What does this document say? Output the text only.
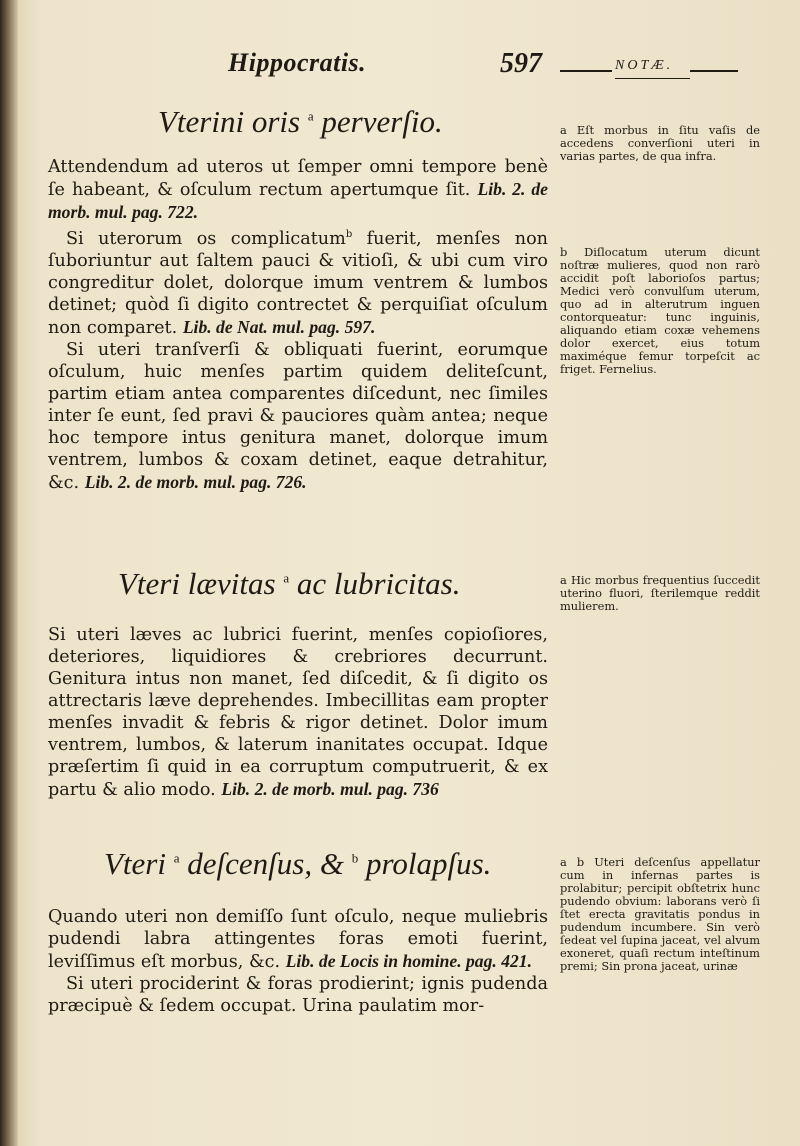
Hippocratis.	597	NOTÆ.
Vterini oris $^a$ perverſio.	a Eſt morbus in ſitu vaſis de accedens converſioni uteri in varias partes, de qua infra.

Attendendum ad uteros ut ſemper omni tempore benè ſe habeant, & oſculum rectum apertumque ſit. Lib. 2. de morb. mul. pag. 722.

Si uterorum os complicatum$^b$ fuerit, menſes non ſuboriuntur aut ſaltem pauci & vitioſi, & ubi cum viro congreditur dolet, dolorque imum ventrem & lumbos detinet; quòd ſi digito contrectet & perquiſiat oſculum non comparet. Lib. de Nat. mul. pag. 597.

Si uteri tranſverſi & obliquati fuerint, eorumque oſculum, huic menſes partim quidem deliteſcunt, partim etiam antea comparentes diſcedunt, nec ſimiles inter ſe eunt, ſed pravi & pauciores quàm antea; neque hoc tempore intus genitura manet, dolorque imum ventrem, lumbos & coxam detinet, eaque detrahitur, &c. Lib. 2. de morb. mul. pag. 726.

b Diſlocatum uterum dicunt noſtræ mulieres, quod non rarò accidit poſt laborioſos partus; Medici verò convulſum uterum, quo ad in alterutrum inguen contorqueatur: tunc inguinis, aliquando etiam coxæ vehemens dolor exercet, eius totum maximéque femur torpeſcit ac friget. Fernelius.
Vteri lævitas $^a$ ac lubricitas.	a Hic morbus frequentius ſuccedit uterino fluori, ſterilemque reddit mulierem.

Si uteri læves ac lubrici fuerint, menſes copioſiores, deteriores, liquidiores & crebriores decurrunt. Genitura intus non manet, ſed diſcedit, & ſi digito os attrectaris læve deprehendes. Imbecillitas eam propter menſes invadit & febris & rigor detinet. Dolor imum ventrem, lumbos, & laterum inanitates occupat. Idque præſertim ſi quid in ea corruptum computruerit, & ex partu & alio modo. Lib. 2. de morb. mul. pag. 736

Vteri $^a$ deſcenſus, & $^b$ prolapſus.	a b Uteri deſcenſus appellatur cum in infernas partes is prolabitur; percipit obſtetrix hunc pudendo obvium: laborans verò ſi ſtet erecta gravitatis pondus in pudendum incumbere. Sin verò ſedeat vel ſupina jaceat, vel alvum exoneret, quaſi rectum inteſtinum premi; Sin prona jaceat, urinæ

Quando uteri non demiſſo ſunt oſculo, neque muliebris pudendi labra attingentes foras emoti fuerint, leviſſimus eſt morbus, &c. Lib. de Locis in homine. pag. 421.

Si uteri prociderint & foras prodierint; ignis pudenda præcipuè & ſedem occupat. Urina paulatim mor-
